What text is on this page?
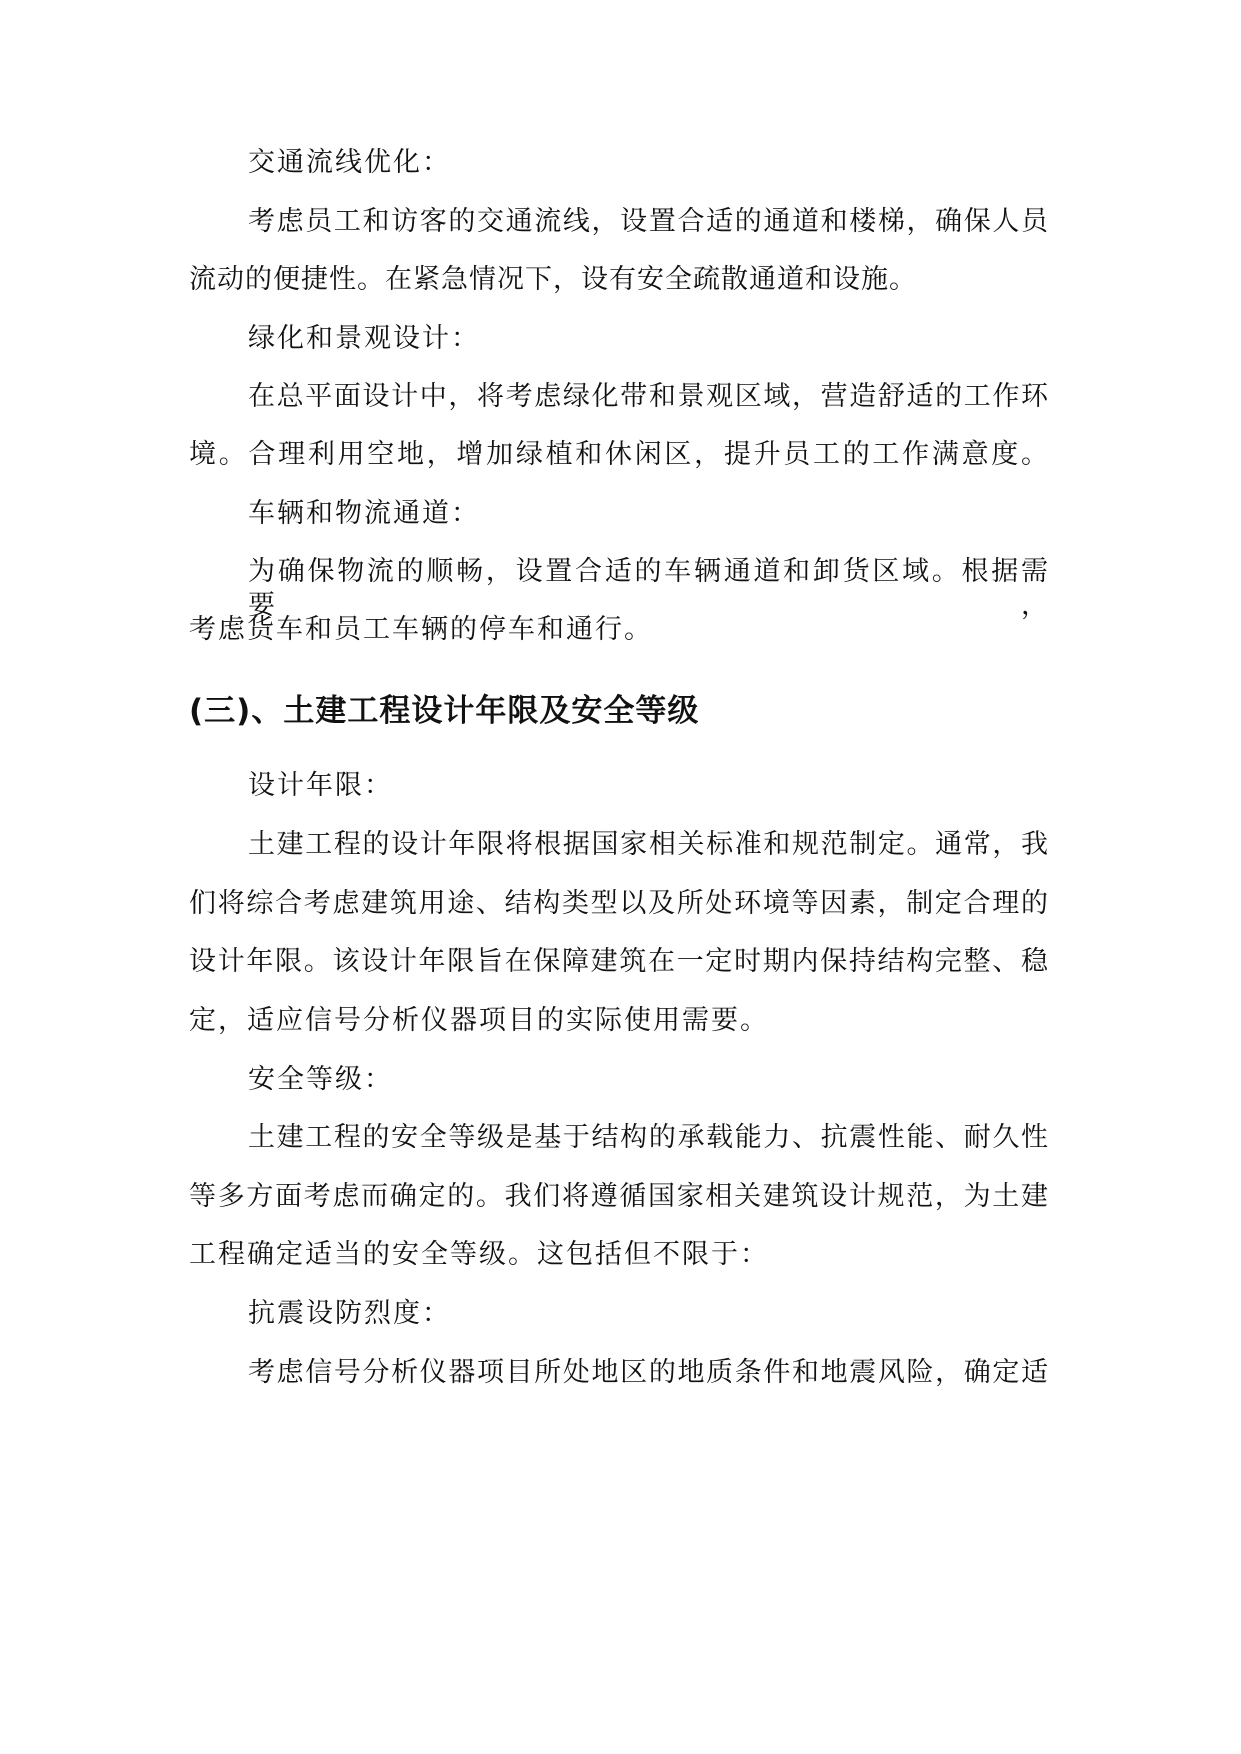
交通流线优化：
考虑员工和访客的交通流线，设置合适的通道和楼梯，确保人员
流动的便捷性。在紧急情况下，设有安全疏散通道和设施。
绿化和景观设计：
在总平面设计中，将考虑绿化带和景观区域，营造舒适的工作环
境。合理利用空地，增加绿植和休闲区，提升员工的工作满意度。
车辆和物流通道：
为确保物流的顺畅，设置合适的车辆通道和卸货区域。根据需要，
考虑货车和员工车辆的停车和通行。
(三)、土建工程设计年限及安全等级
设计年限：
土建工程的设计年限将根据国家相关标准和规范制定。通常，我
们将综合考虑建筑用途、结构类型以及所处环境等因素，制定合理的
设计年限。该设计年限旨在保障建筑在一定时期内保持结构完整、稳
定，适应信号分析仪器项目的实际使用需要。
安全等级：
土建工程的安全等级是基于结构的承载能力、抗震性能、耐久性
等多方面考虑而确定的。我们将遵循国家相关建筑设计规范，为土建
工程确定适当的安全等级。这包括但不限于：
抗震设防烈度：
考虑信号分析仪器项目所处地区的地质条件和地震风险，确定适
